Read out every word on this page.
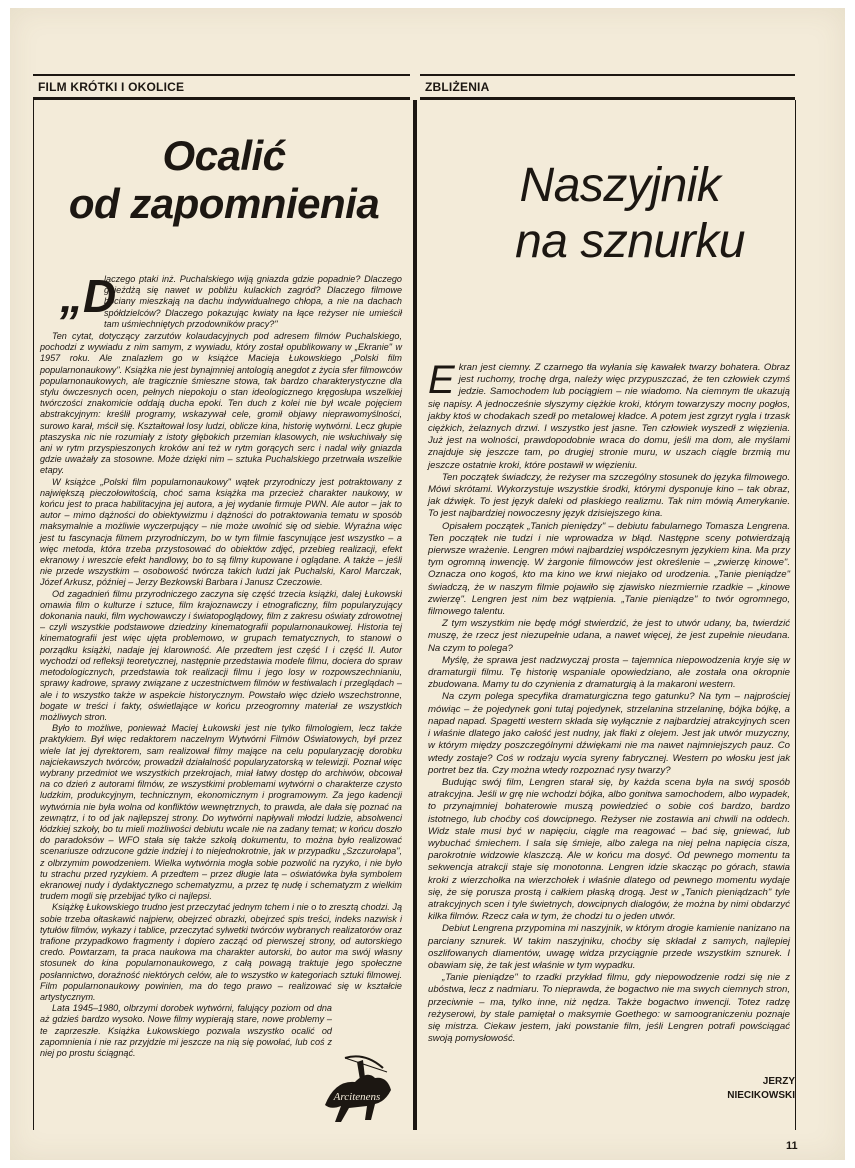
FILM KRÓTKI I OKOLICE	ZBLIŻENIA
Ocalić
od zapomnienia	Naszyjnik
na sznurku
„D
laczego ptaki inż. Puchalskiego wiją gniazda gdzie popadnie? Dlaczego gnieżdżą się nawet w pobliżu kulackich zagród? Dlaczego filmowe bociany mieszkają na dachu indywidualnego chłopa, a nie na dachach spółdzielców? Dlaczego pokazując kwiaty na łące reżyser nie umieścił tam uśmiechniętych przodowników pracy?"

Ten cytat, dotyczący zarzutów kolaudacyjnych pod adresem filmów Puchalskiego, pochodzi z wywiadu z nim samym, z wywiadu, który został opublikowany w „Ekranie" w 1957 roku. Ale znalazłem go w książce Macieja Łukowskiego „Polski film popularnonaukowy". Książka nie jest bynajmniej antologią anegdot z życia sfer filmowców popularnonaukowych, ale tragicznie śmieszne stowa, tak bardzo charakterystyczne dla stylu ówczesnych ocen, pełnych niepokoju o stan ideologicznego kręgosłupa wszelkiej twórczości znakomicie oddają ducha epoki. Ten duch z kolei nie był wcale pojęciem abstrakcyjnym: kreślił programy, wskazywał cele, gromił objawy nieprawomyślności, surowo karał, mścił się. Kształtował losy ludzi, oblicze kina, historię wytwórni. Lecz głupie ptaszyska nic nie rozumiały z istoty głębokich przemian klasowych, nie wsłuchiwały się ani w rytm przyspieszonych kroków ani też w rytm gorących serc i nadal wiły gniazda gdzie uważały za stosowne. Może dzięki nim – sztuka Puchalskiego przetrwała wszelkie etapy.

W książce „Polski film popularnonaukowy" wątek przyrodniczy jest potraktowany z największą pieczołowitością, choć sama książka ma przecież charakter naukowy, w końcu jest to praca habilitacyjna jej autora, a jej wydanie firmuje PWN. Ale autor – jak to autor – mimo dążności do obiektywizmu i dążności do potraktowania tematu w sposób maksymalnie a możliwie wyczerpujący – nie może uwolnić się od siebie. Wyraźna więc jest tu fascynacja filmem przyrodniczym, bo w tym filmie fascynujące jest wszystko – a więc metoda, która trzeba przystosować do obiektów zdjęć, przebieg realizacji, efekt ekranowy i wreszcie efekt handlowy, bo to są filmy kupowane i oglądane. A także – jeśli nie przede wszystkim – osobowość twórcza takich ludzi jak Puchalski, Karol Marczak, Józef Arkusz, później – Jerzy Bezkowski Barbara i Janusz Czeczowie.

Od zagadnień filmu przyrodniczego zaczyna się część trzecia książki, dalej Łukowski omawia film o kulturze i sztuce, film krajoznawczy i etnograficzny, film popularyzujący dokonania nauki, film wychowawczy i światopoglądowy, film z zakresu oświaty zdrowotnej – czyli wszystkie podstawowe dziedziny kinematografii popularnonaukowej. Historia tej kinematografii jest więc ujęta problemowo, w grupach tematycznych, to stanowi o porządku książki, nadaje jej klarowność. Ale przedtem jest część I i część II. Autor wychodzi od refleksji teoretycznej, następnie przedstawia modele filmu, dociera do spraw metodologicznych, przedstawia tok realizacji filmu i jego losy w rozpowszechnianiu, sprawy kadrowe, sprawy związane z uczestnictwem filmów w festiwalach i przeglądach – ale i to wszystko także w aspekcie historycznym. Powstało więc dzieło wszechstronne, bogate w treści i fakty, oświetlające w końcu przeogromny materiał ze wszystkich możliwych stron.

Było to możliwe, ponieważ Maciej Łukowski jest nie tylko filmologiem, lecz także praktykiem. Był więc redaktorem naczelnym Wytwórni Filmów Oświatowych, był przez wiele lat jej dyrektorem, sam realizował filmy mające na celu popularyzację dorobku najciekawszych twórców, prowadził działalność popularyzatorską w telewizji. Poznał więc wybrany przedmiot we wszystkich przekrojach, miał łatwy dostęp do archiwów, obcował na co dzień z autorami filmów, ze wszystkimi problemami wytwórni o charakterze czysto ludzkim, produkcyjnym, technicznym, ekonomicznym i programowym. Za jego kadencji wytwórnia nie była wolna od konfliktów wewnętrznych, to prawda, ale dała się poznać na zewnątrz, i to od jak najlepszej strony. Do wytwórni napływali młodzi ludzie, absolwenci łódzkiej szkoły, bo tu mieli możliwości debiutu wcale nie na zadany temat; w końcu doszło do paradoksów – WFO stała się także szkołą dokumentu, to można było realizować scenariusze odrzucone gdzie indziej i to niejednokrotnie, jak w przypadku „Szczurołapa", z olbrzymim powodzeniem. Wielka wytwórnia mogła sobie pozwolić na ryzyko, i nie było tu strachu przed ryzykiem. A przedtem – przez długie lata – oświatówka była symbolem ekranowej nudy i dydaktycznego schematyzmu, a przez tę nudę i schematyzm z wielkim trudem mogli się przebijać tylko ci najlepsi.

Książkę Łukowskiego trudno jest przeczytać jednym tchem i nie o to zresztą chodzi. Ją sobie trzeba ołtaskawić najpierw, obejrzeć obrazki, obejrzeć spis treści, indeks nazwisk i tytułów filmów, wykazy i tablice, przeczytać sylwetki twórców wybranych realizatorów oraz trafione przypadkowo fragmenty i dopiero zacząć od pierwszej strony, od autorskiego credo. Powtarzam, ta praca naukowa ma charakter autorski, bo autor ma swój własny stosunek do kina popularnonaukowego, z całą powagą traktuje jego społeczne posłannictwo, doraźność niektórych celów, ale to wszystko w kategoriach sztuki filmowej. Film popularnonaukowy powinien, ma do tego prawo – realizować się w kształcie artystycznym.

Lata 1945–1980, olbrzymi dorobek wytwórni, falujący poziom od dna aż gdzieś bardzo wysoko. Nowe filmy wypierają stare, nowe problemy – te zaprzeszłe. Książka Łukowskiego pozwala wszystko ocalić od zapomnienia i nie raz przyjdzie mi jeszcze na nią się powołać, lub coś z niej po prostu ściągnąć.

Arcitenens

Ekran jest ciemny. Z czarnego tła wyłania się kawałek twarzy bohatera. Obraz jest ruchomy, trochę drga, należy więc przypuszczać, że ten człowiek czymś jedzie. Samochodem lub pociągiem – nie wiadomo. Na ciemnym tle ukazują się napisy. A jednocześnie słyszymy ciężkie kroki, którym towarzyszy mocny pogłos, jakby ktoś w chodakach szedł po metalowej kładce. A potem jest zgrzyt rygla i trzask ciężkich, żelaznych drzwi. I wszystko jest jasne. Ten człowiek wyszedł z więzienia. Już jest na wolności, prawdopodobnie wraca do domu, jeśli ma dom, ale myślami znajduje się jeszcze tam, po drugiej stronie muru, w uszach ciągle brzmią mu jeszcze ostatnie kroki, które postawił w więzieniu.

Ten początek świadczy, że reżyser ma szczególny stosunek do języka filmowego. Mówi skrótami. Wykorzystuje wszystkie środki, którymi dysponuje kino – tak obraz, jak dźwięk. To jest język daleki od płaskiego realizmu. Tak nim mówią Amerykanie. To jest najbardziej nowoczesny język dzisiejszego kina.

Opisałem początek „Tanich pieniędzy" – debiutu fabularnego Tomasza Lengrena. Ten początek nie tudzi i nie wprowadza w błąd. Następne sceny potwierdzają pierwsze wrażenie. Lengren mówi najbardziej współczesnym językiem kina. Ma przy tym ogromną inwencję. W żargonie filmowców jest określenie – „zwierzę kinowe". Oznacza ono kogoś, kto ma kino we krwi niejako od urodzenia. „Tanie pieniądze" świadczą, że w naszym filmie pojawiło się zjawisko niezmiernie rzadkie – „kinowe zwierzę". Lengren jest nim bez wątpienia. „Tanie pieniądze" to twór ogromnego, filmowego talentu.

Z tym wszystkim nie będę mógł stwierdzić, że jest to utwór udany, ba, twierdzić muszę, że rzecz jest niezupełnie udana, a nawet więcej, że jest zupełnie nieudana. Na czym to polega?

Myślę, że sprawa jest nadzwyczaj prosta – tajemnica niepowodzenia kryje się w dramaturgii filmu. Tę historię wspaniale opowiedziano, ale została ona okropnie zbudowana. Mamy tu do czynienia z dramaturgią à la makaroni western.

Na czym polega specyfika dramaturgiczna tego gatunku? Na tym – najprościej mówiąc – że pojedynek goni tutaj pojedynek, strzelanina strzelaninę, bójka bójkę, a napad napad. Spagetti western składa się wyłącznie z najbardziej atrakcyjnych scen i właśnie dlatego jako całość jest nudny, jak flaki z olejem. Jest jak utwór muzyczny, w którym między poszczególnymi dźwiękami nie ma nawet najmniejszych pauz. Co wtedy zostaje? Coś w rodzaju wycia syreny fabrycznej. Western po włosku jest jak portret bez tła. Czy można wtedy rozpoznać rysy twarzy?

Budując swój film, Lengren starał się, by każda scena była na swój sposób atrakcyjna. Jeśli w grę nie wchodzi bójka, albo gonitwa samochodem, albo wypadek, to przynajmniej bohaterowie muszą powiedzieć o sobie coś bardzo, bardzo istotnego, lub choćby coś dowcipnego. Reżyser nie zostawia ani chwili na oddech. Widz stale musi być w napięciu, ciągle ma reagować – bać się, gniewać, lub wybuchać śmiechem. I sala się śmieje, albo zalega na niej pełna napięcia cisza, parokrotnie widzowie klaszczą. Ale w końcu ma dosyć. Od pewnego momentu ta sekwencja atrakcji staje się monotonna. Lengren idzie skacząc po górach, stawia kroki z wierzchołka na wierzchołek i właśnie dlatego od pewnego momentu wydaje się, że się porusza prostą i całkiem płaską drogą. Jest w „Tanich pieniądzach" tyle atrakcyjnych scen i tyle świetnych, dowcipnych dialogów, że można by nimi obdarzyć kilka filmów. Rzecz cała w tym, że chodzi tu o jeden utwór.

Debiut Lengrena przypomina mi naszyjnik, w którym drogie kamienie nanizano na parciany sznurek. W takim naszyjniku, choćby się składał z samych, najlepiej oszlifowanych diamentów, uwagę widza przyciągnie przede wszystkim sznurek. I obawiam się, że tak jest właśnie w tym wypadku.

„Tanie pieniądze" to rzadki przykład filmu, gdy niepowodzenie rodzi się nie z ubóstwa, lecz z nadmiaru. To nieprawda, że bogactwo nie ma swych ciemnych stron, przeciwnie – ma, tylko inne, niż nędza. Także bogactwo inwencji. Totez radzę reżyserowi, by stale pamiętał o maksymie Goethego: w samoograniczeniu poznaje się mistrza. Ciekaw jestem, jaki powstanie film, jeśli Lengren potrafi powściągać swoją pomysłowość.

JERZY
NIECIKOWSKI
11
